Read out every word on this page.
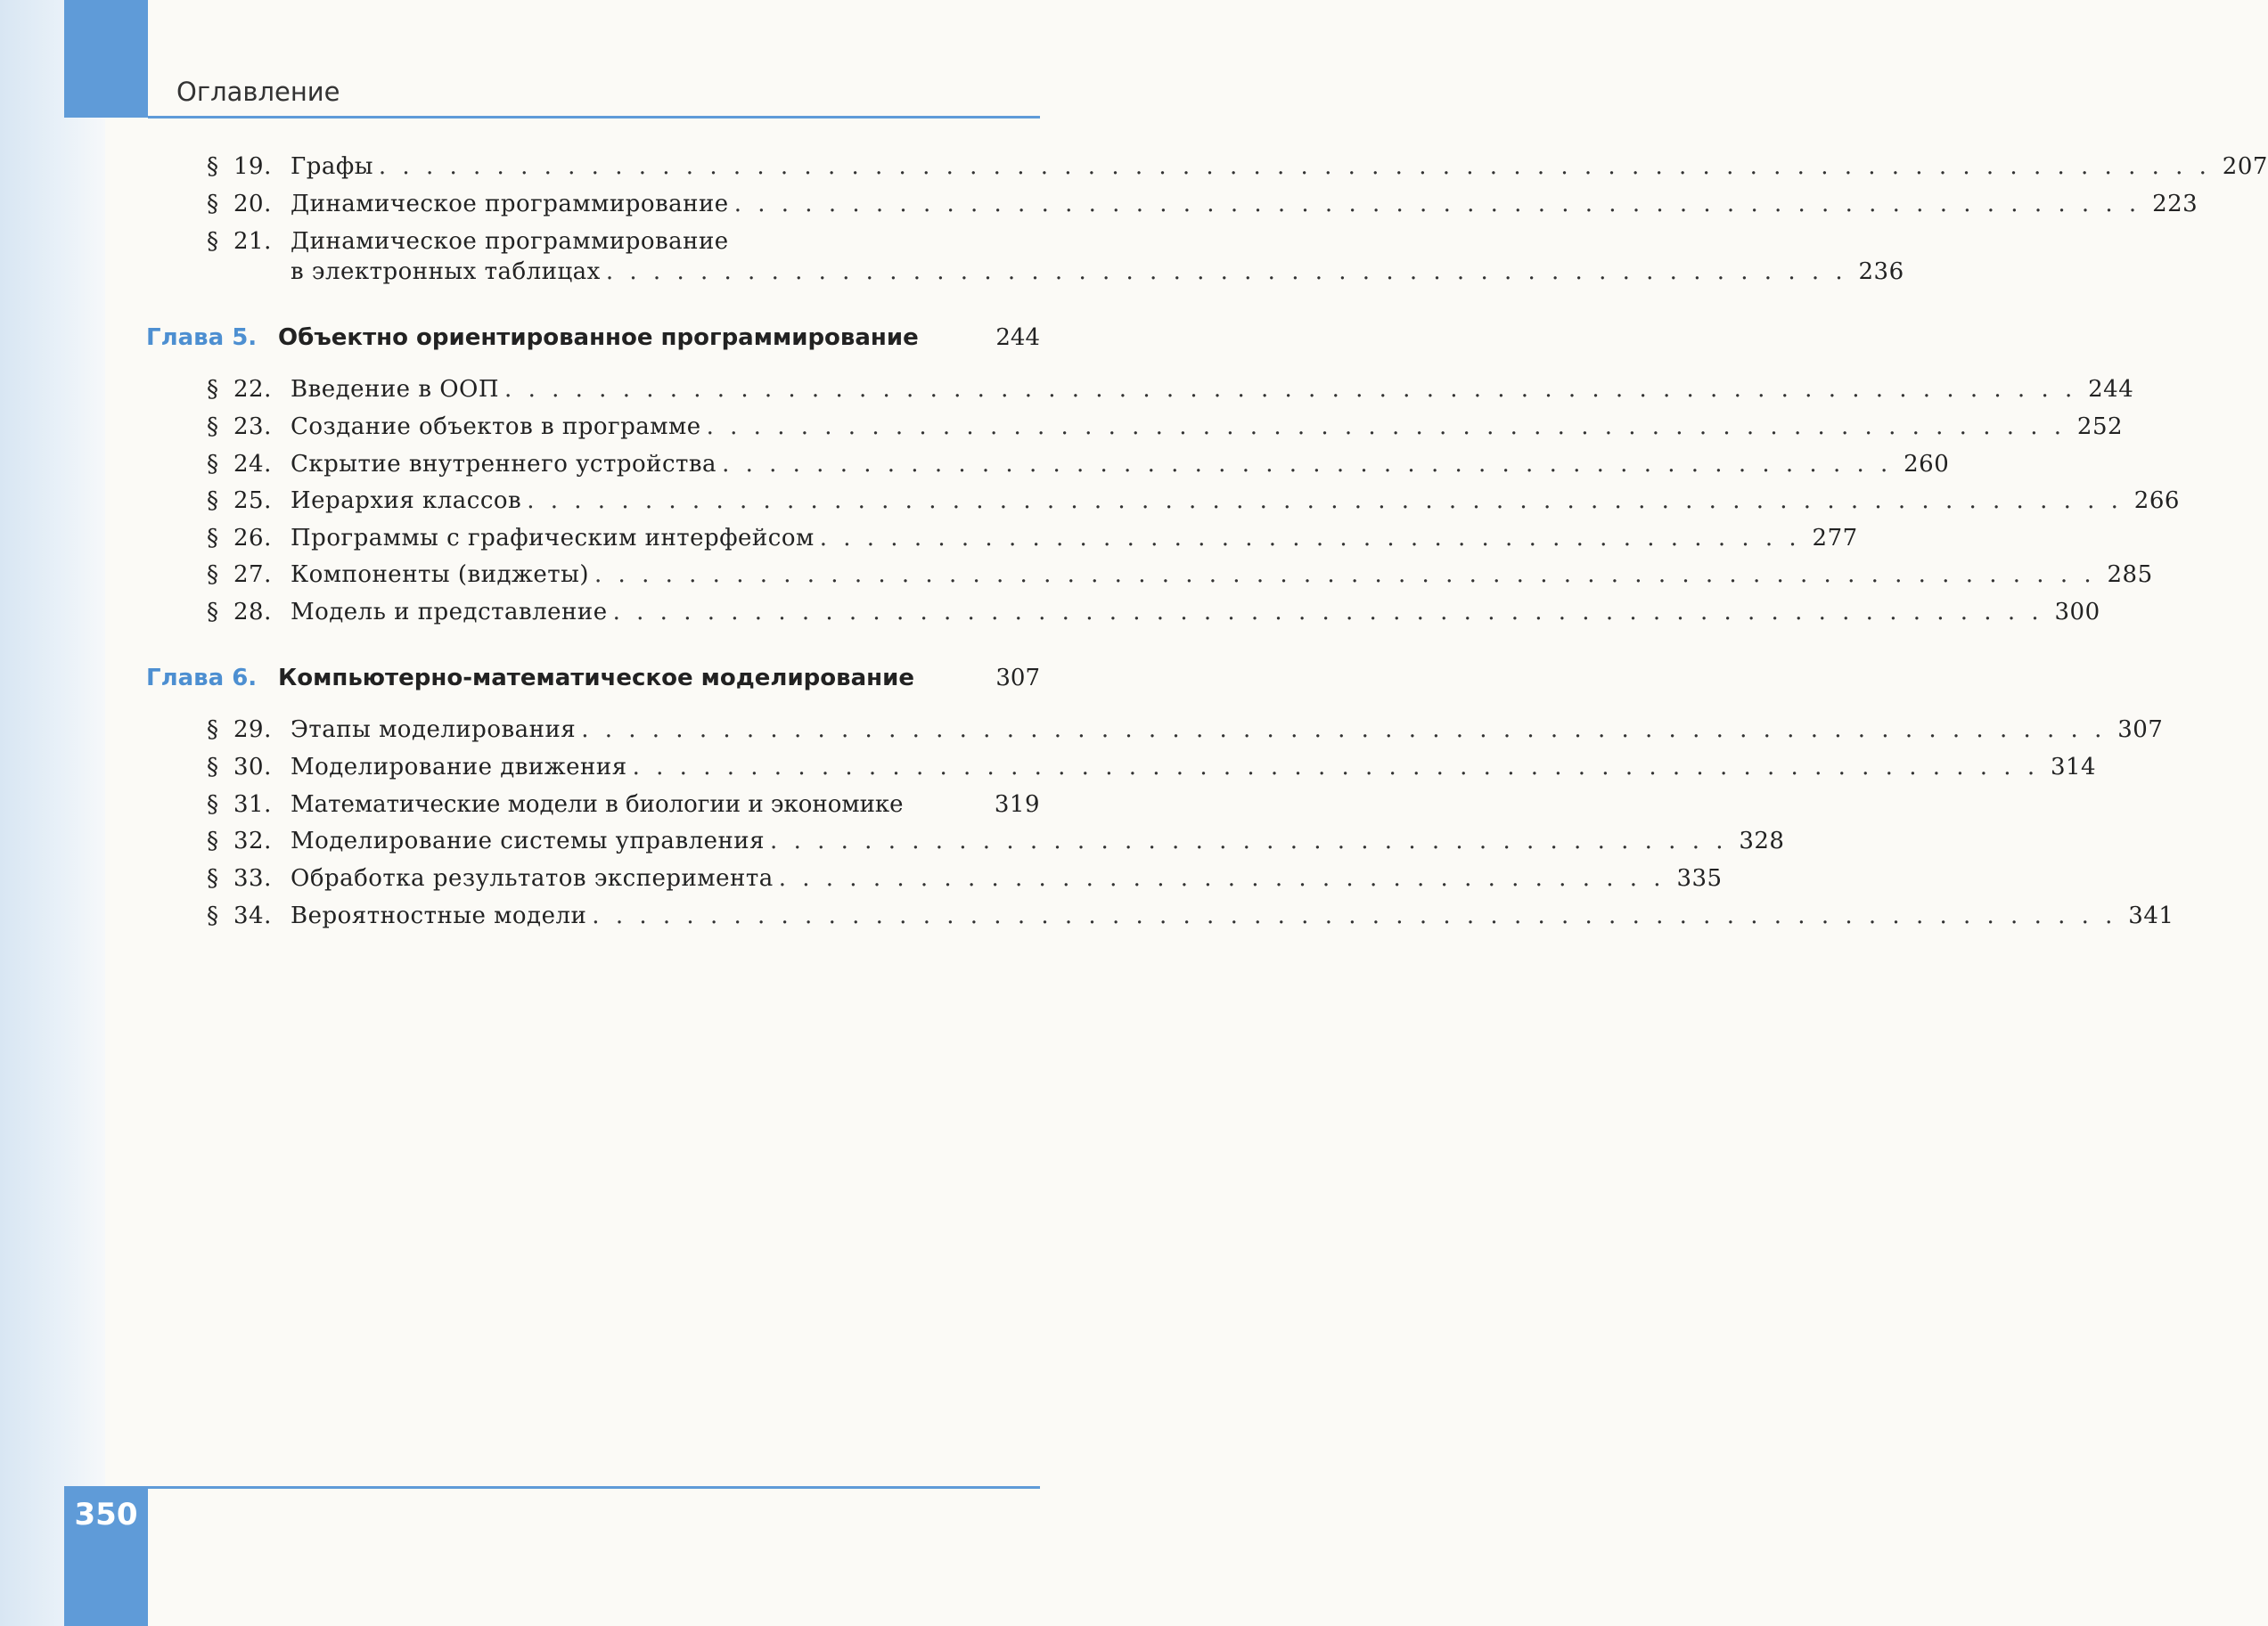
Оглавление
§ 19. Графы . . . . . . . . . . . . . . . . . . . . . . . . . . . . . . . . . . . . . . . . . . . . . . . . . . . . . . . . . . . . . . . . . . . . . . . . . . . . . . 207
§ 20. Динамическое программирование . . . . . . . . . . . . . . . . . . . . . . . . . . . . . . . . . . . . . . . . . . . . . . . . . . . . . . . . . . . . 223
§ 21. Динамическое программирование
в электронных таблицах . . . . . . . . . . . . . . . . . . . . . . . . . . . . . . . . . . . . . . . . . . . . . . . . . . . . . 236
Глава 5. Объектно ориентированное программирование	244
§ 22. Введение в ООП . . . . . . . . . . . . . . . . . . . . . . . . . . . . . . . . . . . . . . . . . . . . . . . . . . . . . . . . . . . . . . . . . . . 244
§ 23. Создание объектов в программе . . . . . . . . . . . . . . . . . . . . . . . . . . . . . . . . . . . . . . . . . . . . . . . . . . . . . . . . . . 252
§ 24. Скрытие внутреннего устройства . . . . . . . . . . . . . . . . . . . . . . . . . . . . . . . . . . . . . . . . . . . . . . . . . . 260
§ 25. Иерархия классов . . . . . . . . . . . . . . . . . . . . . . . . . . . . . . . . . . . . . . . . . . . . . . . . . . . . . . . . . . . . . . . . . . . . 266
§ 26. Программы с графическим интерфейсом . . . . . . . . . . . . . . . . . . . . . . . . . . . . . . . . . . . . . . . . . . 277
§ 27. Компоненты (виджеты) . . . . . . . . . . . . . . . . . . . . . . . . . . . . . . . . . . . . . . . . . . . . . . . . . . . . . . . . . . . . . . . . 285
§ 28. Модель и представление . . . . . . . . . . . . . . . . . . . . . . . . . . . . . . . . . . . . . . . . . . . . . . . . . . . . . . . . . . . . . 300
Глава 6. Компьютерно-математическое моделирование	307
§ 29. Этапы моделирования . . . . . . . . . . . . . . . . . . . . . . . . . . . . . . . . . . . . . . . . . . . . . . . . . . . . . . . . . . . . . . . . . 307
§ 30. Моделирование движения . . . . . . . . . . . . . . . . . . . . . . . . . . . . . . . . . . . . . . . . . . . . . . . . . . . . . . . . . . . . 314
§ 31. Математические модели в биологии и экономике	319
§ 32. Моделирование системы управления . . . . . . . . . . . . . . . . . . . . . . . . . . . . . . . . . . . . . . . . . 328
§ 33. Обработка результатов эксперимента . . . . . . . . . . . . . . . . . . . . . . . . . . . . . . . . . . . . . . 335
§ 34. Вероятностные модели . . . . . . . . . . . . . . . . . . . . . . . . . . . . . . . . . . . . . . . . . . . . . . . . . . . . . . . . . . . . . . . . . 341
350
